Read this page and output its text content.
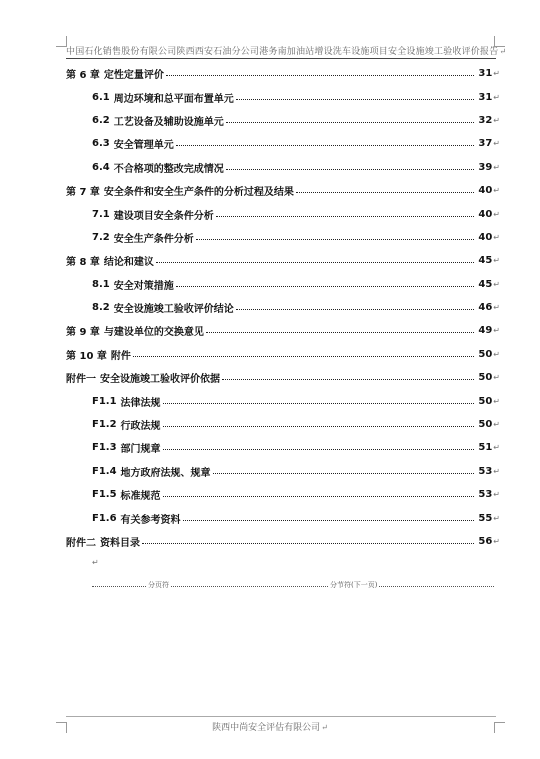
中国石化销售股份有限公司陕西西安石油分公司港务南加油站增设洗车设施项目安全设施竣工验收评价报告↵
第 6 章 定性定量评价	31 ↵
6.1 周边环境和总平面布置单元	31 ↵
6.2 工艺设备及辅助设施单元	32 ↵
6.3 安全管理单元	37 ↵
6.4 不合格项的整改完成情况	39 ↵
第 7 章 安全条件和安全生产条件的分析过程及结果	40 ↵
7.1 建设项目安全条件分析	40 ↵
7.2 安全生产条件分析	40 ↵
第 8 章 结论和建议	45 ↵
8.1 安全对策措施	45 ↵
8.2 安全设施竣工验收评价结论	46 ↵
第 9 章 与建设单位的交换意见	49 ↵
第 10 章 附件	50 ↵
附件一 安全设施竣工验收评价依据	50 ↵
F1.1 法律法规	50 ↵
F1.2 行政法规	50 ↵
F1.3 部门规章	51 ↵
F1.4 地方政府法规、规章	53 ↵
F1.5 标准规范	53 ↵
F1.6 有关参考资料	55 ↵
附件二 资料目录	56 ↵
↵
分页符	分节符(下一页)
陕西中尚安全评估有限公司↵
